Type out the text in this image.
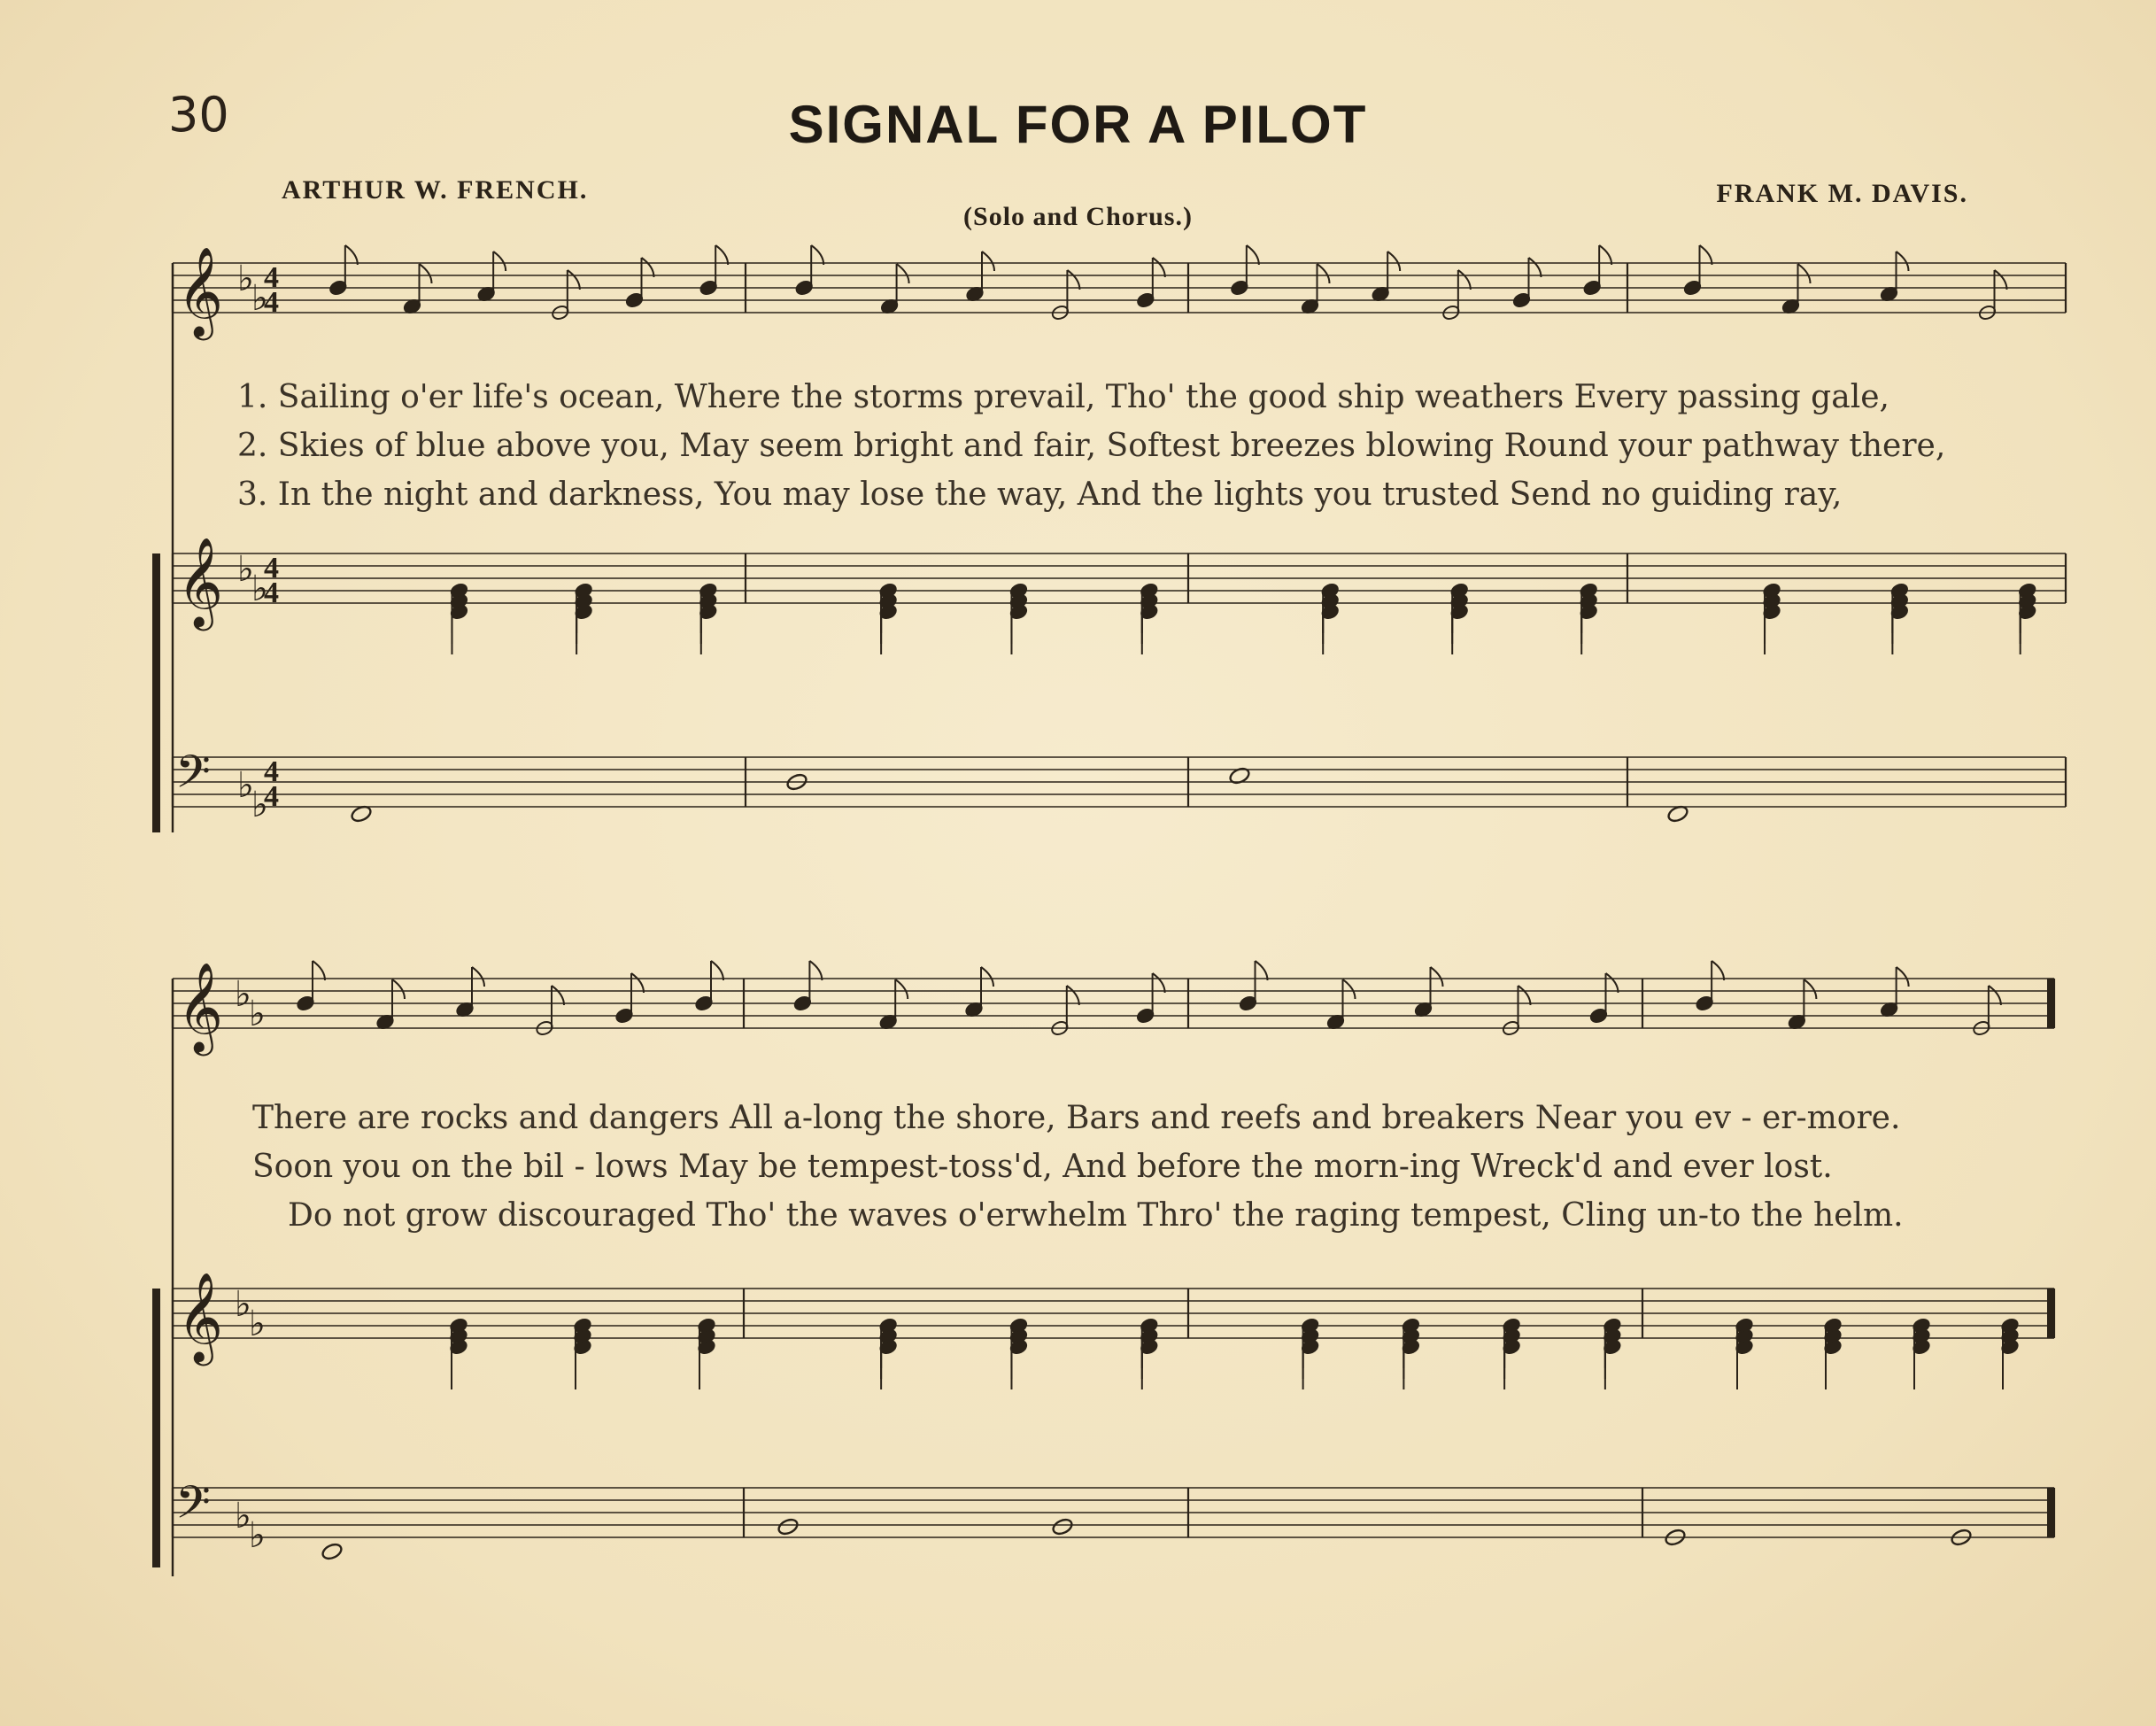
30	SIGNAL FOR A PILOT
ARTHUR W. FRENCH.	FRANK M. DAVIS.
(Solo and Chorus.)
𝄞 ♭
♭
4
4
𝄞 ♭
♭
4
4
𝄢 ♭
♭
4
4
𝄞 ♭
♭
𝄞 ♭
♭
𝄢 ♭
♭
1. Sailing o'er life's ocean, Where the storms prevail, Tho' the good ship weathers Every passing gale,
2. Skies of blue above you, May seem bright and fair, Softest breezes blowing Round your pathway there,
3. In the night and darkness, You may lose the way, And the lights you trusted Send no guiding ray,
There are rocks and dangers All a-long the shore, Bars and reefs and breakers Near you ev - er-more.
Soon you on the bil - lows May be tempest-toss'd, And before the morn-ing Wreck'd and ever lost.
Do not grow discouraged Tho' the waves o'erwhelm Thro' the raging tempest, Cling un-to the helm.
